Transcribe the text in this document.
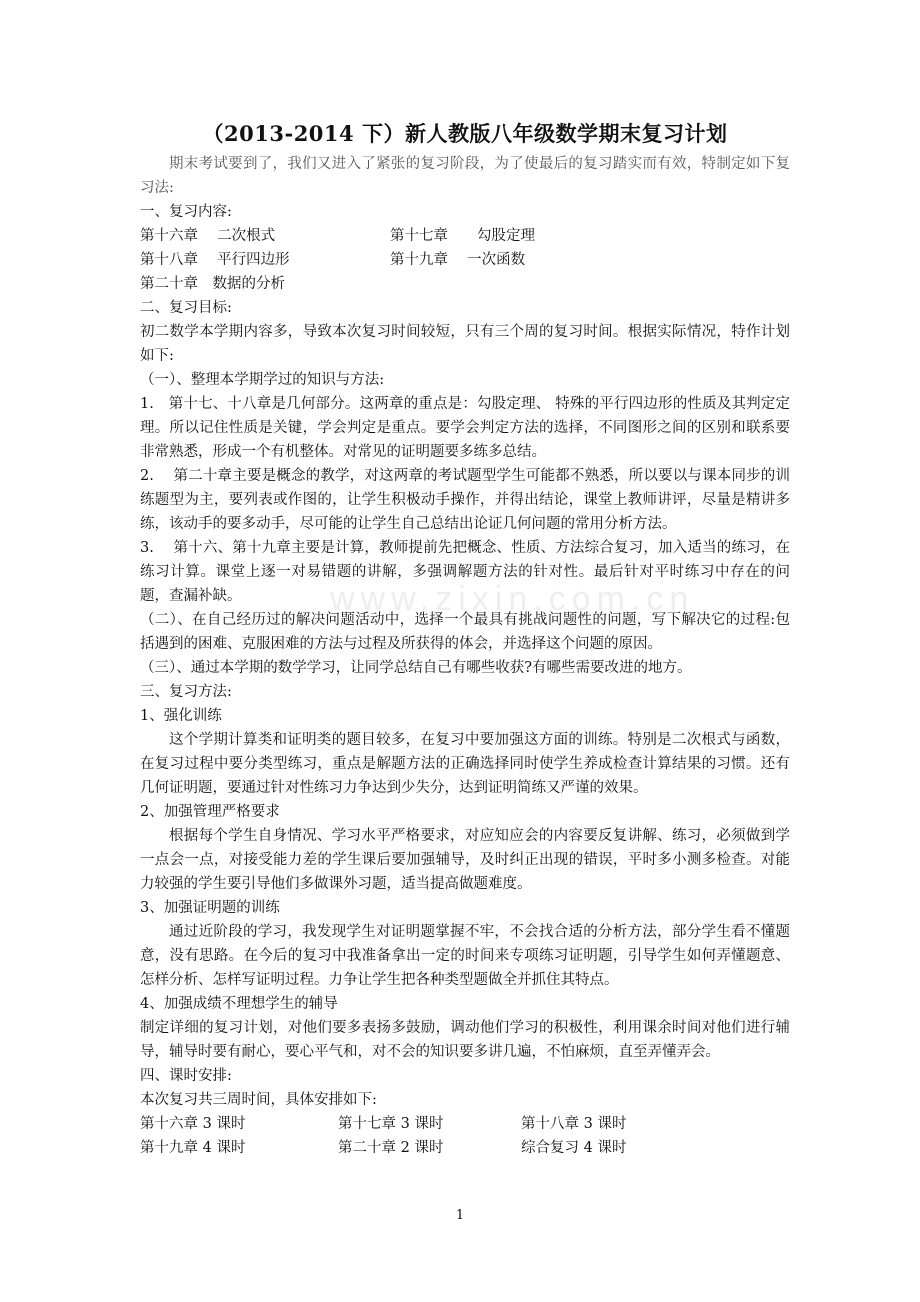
www.zixin.com.cn
（2013-2014 下）新人教版八年级数学期末复习计划

期末考试要到了，我们又进入了紧张的复习阶段，为了使最后的复习踏实而有效，特制定如下复习法:

一、复习内容:

第十六章　 二次根式	第十七章　　勾股定理
第十八章　 平行四边形	第十九章　 一次函数
第二十章　数据的分析

二、复习目标:

初二数学本学期内容多，导致本次复习时间较短，只有三个周的复习时间。根据实际情况，特作计划如下:

（一）、整理本学期学过的知识与方法:

1.　第十七、十八章是几何部分。这两章的重点是：勾股定理、 特殊的平行四边形的性质及其判定定理。所以记住性质是关键，学会判定是重点。要学会判定方法的选择，不同图形之间的区别和联系要非常熟悉，形成一个有机整体。对常见的证明题要多练多总结。

2.　 第二十章主要是概念的教学，对这两章的考试题型学生可能都不熟悉，所以要以与课本同步的训练题型为主，要列表或作图的，让学生积极动手操作，并得出结论，课堂上教师讲评，尽量是精讲多练，该动手的要多动手，尽可能的让学生自己总结出论证几何问题的常用分析方法。

3.　 第十六、第十九章主要是计算，教师提前先把概念、性质、方法综合复习，加入适当的练习，在练习计算。课堂上逐一对易错题的讲解，多强调解题方法的针对性。最后针对平时练习中存在的问题，查漏补缺。

（二）、在自己经历过的解决问题活动中，选择一个最具有挑战问题性的问题，写下解决它的过程:包括遇到的困难、克服困难的方法与过程及所获得的体会，并选择这个问题的原因。

（三）、通过本学期的数学学习，让同学总结自己有哪些收获?有哪些需要改进的地方。

三、复习方法:

1、强化训练

这个学期计算类和证明类的题目较多，在复习中要加强这方面的训练。特别是二次根式与函数，在复习过程中要分类型练习，重点是解题方法的正确选择同时使学生养成检查计算结果的习惯。还有几何证明题，要通过针对性练习力争达到少失分，达到证明简练又严谨的效果。

2、加强管理严格要求

根据每个学生自身情况、学习水平严格要求，对应知应会的内容要反复讲解、练习，必须做到学一点会一点，对接受能力差的学生课后要加强辅导，及时纠正出现的错误，平时多小测多检查。对能力较强的学生要引导他们多做课外习题，适当提高做题难度。

3、加强证明题的训练

通过近阶段的学习，我发现学生对证明题掌握不牢，不会找合适的分析方法，部分学生看不懂题意，没有思路。在今后的复习中我准备拿出一定的时间来专项练习证明题，引导学生如何弄懂题意、怎样分析、怎样写证明过程。力争让学生把各种类型题做全并抓住其特点。

4、加强成绩不理想学生的辅导

制定详细的复习计划，对他们要多表扬多鼓励，调动他们学习的积极性，利用课余时间对他们进行辅导，辅导时要有耐心，要心平气和，对不会的知识要多讲几遍，不怕麻烦，直至弄懂弄会。

四、课时安排:

本次复习共三周时间，具体安排如下:

第十六章 3 课时	第十七章 3 课时	第十八章 3 课时
第十九章 4 课时	第二十章 2 课时	综合复习 4 课时
1
